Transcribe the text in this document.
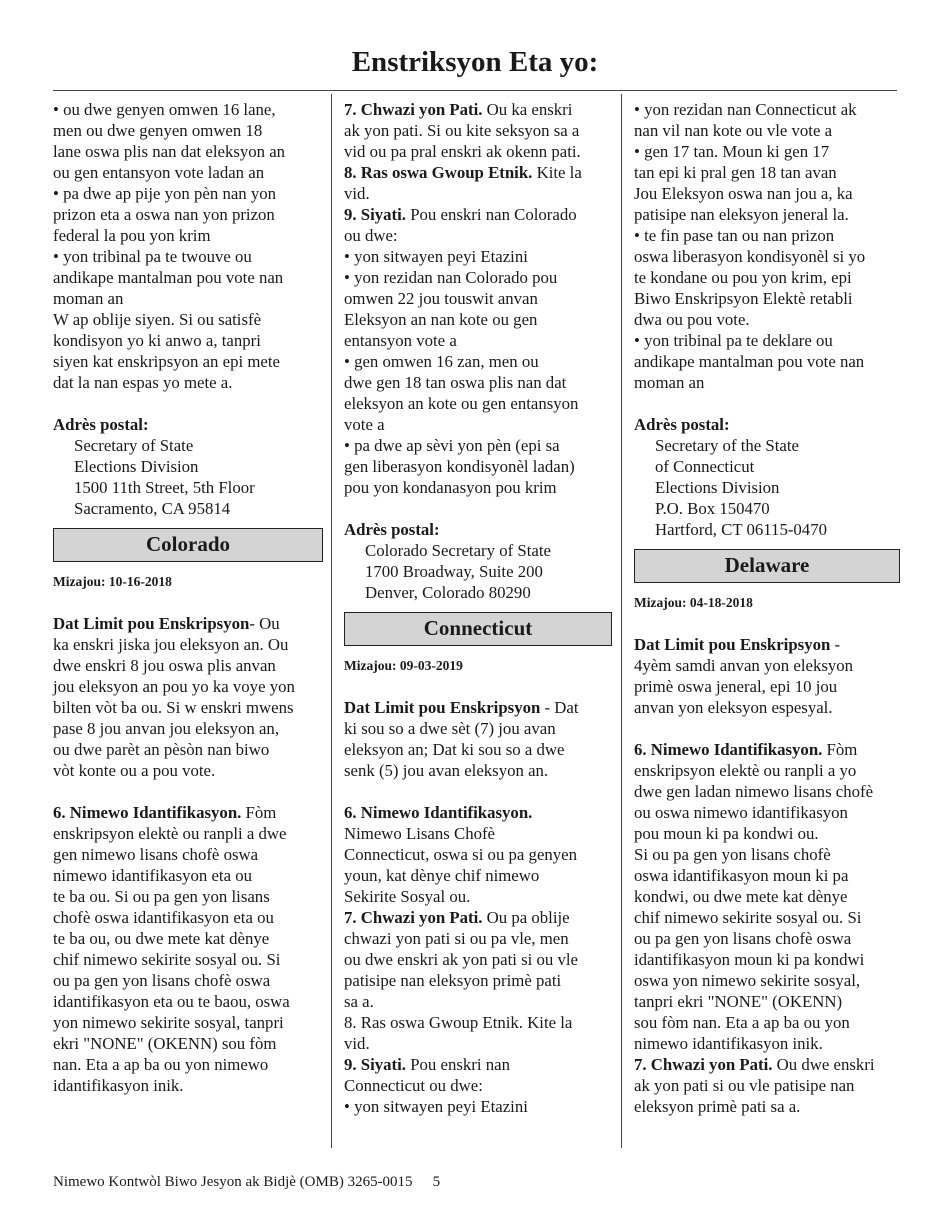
Enstriksyon Eta yo:
• ou dwe genyen omwen 16 lane,
men ou dwe genyen omwen 18
lane oswa plis nan dat eleksyon an
ou gen entansyon vote ladan an
• pa dwe ap pije yon pèn nan yon
prizon eta a oswa nan yon prizon
federal la pou yon krim
• yon tribinal pa te twouve ou
andikape mantalman pou vote nan
moman an
W ap oblije siyen. Si ou satisfè
kondisyon yo ki anwo a, tanpri
siyen kat enskripsyon an epi mete
dat la nan espas yo mete a.
Adrès postal:
Secretary of State
Elections Division
1500 11th Street, 5th Floor
Sacramento, CA 95814
Colorado
Mizajou: 10-16-2018
Dat Limit pou Enskripsyon- Ou
ka enskri jiska jou eleksyon an. Ou
dwe enskri 8 jou oswa plis anvan
jou eleksyon an pou yo ka voye yon
bilten vòt ba ou. Si w enskri mwens
pase 8 jou anvan jou eleksyon an,
ou dwe parèt an pèsòn nan biwo
vòt konte ou a pou vote.
6. Nimewo Idantifikasyon. Fòm
enskripsyon elektè ou ranpli a dwe
gen nimewo lisans chofè oswa
nimewo idantifikasyon eta ou
te ba ou. Si ou pa gen yon lisans
chofè oswa idantifikasyon eta ou
te ba ou, ou dwe mete kat dènye
chif nimewo sekirite sosyal ou. Si
ou pa gen yon lisans chofè oswa
idantifikasyon eta ou te baou, oswa
yon nimewo sekirite sosyal, tanpri
ekri "NONE" (OKENN) sou fòm
nan. Eta a ap ba ou yon nimewo
idantifikasyon inik.
7. Chwazi yon Pati. Ou ka enskri
ak yon pati. Si ou kite seksyon sa a
vid ou pa pral enskri ak okenn pati.
8. Ras oswa Gwoup Etnik. Kite la
vid.
9. Siyati. Pou enskri nan Colorado
ou dwe:
• yon sitwayen peyi Etazini
• yon rezidan nan Colorado pou
omwen 22 jou touswit anvan
Eleksyon an nan kote ou gen
entansyon vote a
• gen omwen 16 zan, men ou
dwe gen 18 tan oswa plis nan dat
eleksyon an kote ou gen entansyon
vote a
• pa dwe ap sèvi yon pèn (epi sa
gen liberasyon kondisyonèl ladan)
pou yon kondanasyon pou krim
Adrès postal:
Colorado Secretary of State
1700 Broadway, Suite 200
Denver, Colorado 80290
Connecticut
Mizajou: 09-03-2019
Dat Limit pou Enskripsyon - Dat
ki sou so a dwe sèt (7) jou avan
eleksyon an; Dat ki sou so a dwe
senk (5) jou avan eleksyon an.
6. Nimewo Idantifikasyon.
Nimewo Lisans Chofè
Connecticut, oswa si ou pa genyen
youn, kat dènye chif nimewo
Sekirite Sosyal ou.
7. Chwazi yon Pati. Ou pa oblije
chwazi yon pati si ou pa vle, men
ou dwe enskri ak yon pati si ou vle
patisipe nan eleksyon primè pati
sa a.
8. Ras oswa Gwoup Etnik. Kite la
vid.
9. Siyati. Pou enskri nan
Connecticut ou dwe:
• yon sitwayen peyi Etazini
• yon rezidan nan Connecticut ak
nan vil nan kote ou vle vote a
• gen 17 tan. Moun ki gen 17
tan epi ki pral gen 18 tan avan
Jou Eleksyon oswa nan jou a, ka
patisipe nan eleksyon jeneral la.
• te fin pase tan ou nan prizon
oswa liberasyon kondisyonèl si yo
te kondane ou pou yon krim, epi
Biwo Enskripsyon Elektè retabli
dwa ou pou vote.
• yon tribinal pa te deklare ou
andikape mantalman pou vote nan
moman an
Adrès postal:
Secretary of the State
of Connecticut
Elections Division
P.O. Box 150470
Hartford, CT 06115-0470
Delaware
Mizajou: 04-18-2018
Dat Limit pou Enskripsyon -
4yèm samdi anvan yon eleksyon
primè oswa jeneral, epi 10 jou
anvan yon eleksyon espesyal.
6. Nimewo Idantifikasyon. Fòm
enskripsyon elektè ou ranpli a yo
dwe gen ladan nimewo lisans chofè
ou oswa nimewo idantifikasyon
pou moun ki pa kondwi ou.
Si ou pa gen yon lisans chofè
oswa idantifikasyon moun ki pa
kondwi, ou dwe mete kat dènye
chif nimewo sekirite sosyal ou. Si
ou pa gen yon lisans chofè oswa
idantifikasyon moun ki pa kondwi
oswa yon nimewo sekirite sosyal,
tanpri ekri "NONE" (OKENN)
sou fòm nan. Eta a ap ba ou yon
nimewo idantifikasyon inik.
7. Chwazi yon Pati. Ou dwe enskri
ak yon pati si ou vle patisipe nan
eleksyon primè pati sa a.
Nimewo Kontwòl Biwo Jesyon ak Bidjè (OMB) 3265-0015 5
